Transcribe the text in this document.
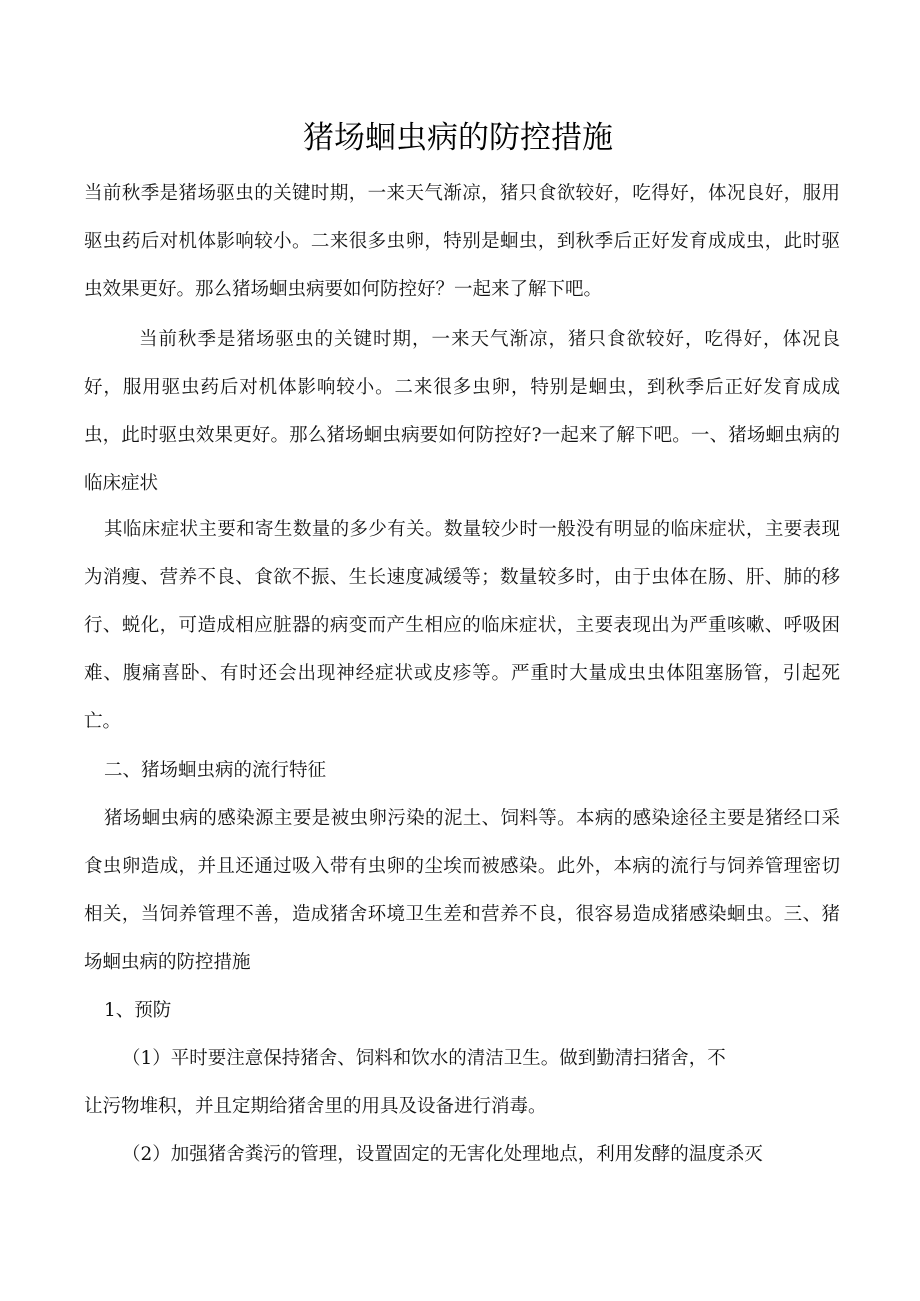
猪场蛔虫病的防控措施

当前秋季是猪场驱虫的关键时期，一来天气渐凉，猪只食欲较好，吃得好，体况良好，服用驱虫药后对机体影响较小。二来很多虫卵，特别是蛔虫，到秋季后正好发育成成虫，此时驱虫效果更好。那么猪场蛔虫病要如何防控好？一起来了解下吧。

当前秋季是猪场驱虫的关键时期，一来天气渐凉，猪只食欲较好，吃得好，体况良好，服用驱虫药后对机体影响较小。二来很多虫卵，特别是蛔虫，到秋季后正好发育成成虫，此时驱虫效果更好。那么猪场蛔虫病要如何防控好?一起来了解下吧。一、猪场蛔虫病的临床症状

其临床症状主要和寄生数量的多少有关。数量较少时一般没有明显的临床症状，主要表现为消瘦、营养不良、食欲不振、生长速度减缓等；数量较多时，由于虫体在肠、肝、肺的移行、蜕化，可造成相应脏器的病变而产生相应的临床症状，主要表现出为严重咳嗽、呼吸困难、腹痛喜卧、有时还会出现神经症状或皮疹等。严重时大量成虫虫体阻塞肠管，引起死亡。

二、猪场蛔虫病的流行特征

猪场蛔虫病的感染源主要是被虫卵污染的泥土、饲料等。本病的感染途径主要是猪经口采食虫卵造成，并且还通过吸入带有虫卵的尘埃而被感染。此外，本病的流行与饲养管理密切相关，当饲养管理不善，造成猪舍环境卫生差和营养不良，很容易造成猪感染蛔虫。三、猪场蛔虫病的防控措施

1、预防

（1）平时要注意保持猪舍、饲料和饮水的清洁卫生。做到勤清扫猪舍，不

让污物堆积，并且定期给猪舍里的用具及设备进行消毒。

（2）加强猪舍粪污的管理，设置固定的无害化处理地点，利用发酵的温度杀灭
